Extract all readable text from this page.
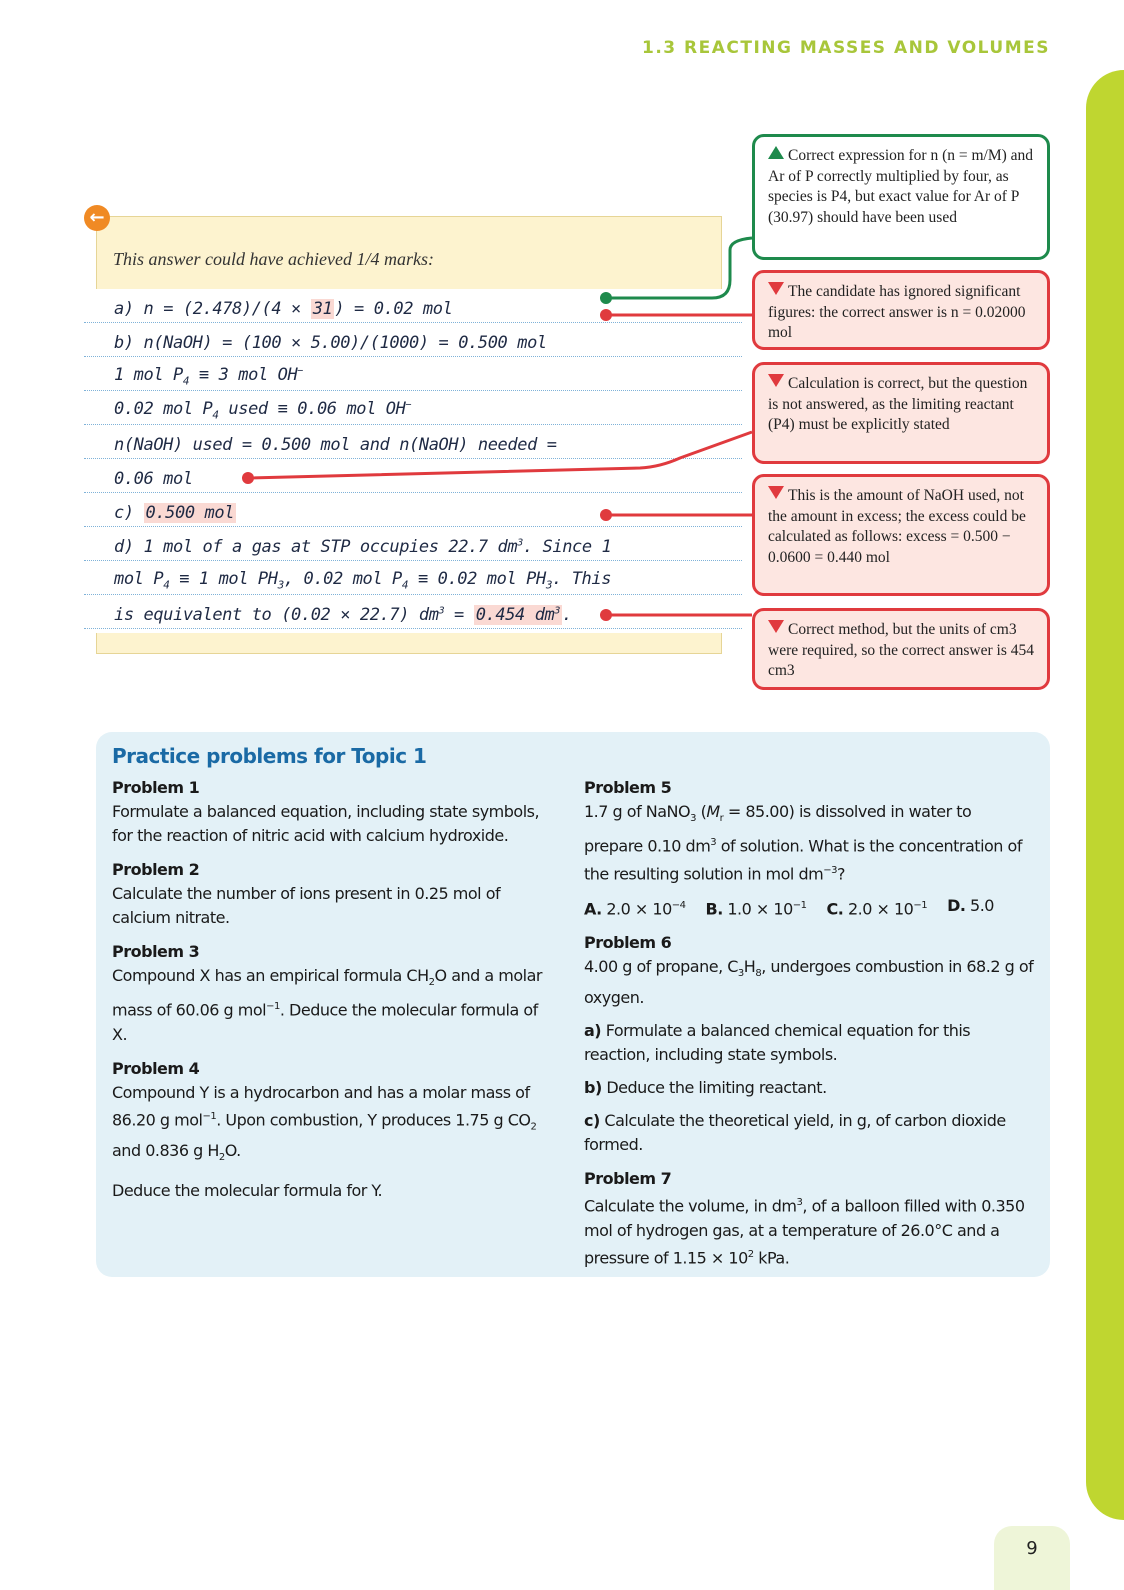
1.3 REACTING MASSES AND VOLUMES
This answer could have achieved 1/4 marks:
←
a) n = (2.478)/(4 × 31 ) = 0.02 mol
b) n(NaOH) = (100 × 5.00)/(1000) = 0.500 mol
1 mol $P_4 \equiv 3$ mol OH−
0.02 mol $P_4$ used ≡ 0.06 mol OH−
n(NaOH) used = 0.500 mol and n(NaOH) needed =
0.06 mol
c) 0.500 mol
d) 1 mol of a gas at STP occupies 22.7 $dm^3$. Since 1
mol $P_4 \equiv 1$ mol $PH_3$, 0.02 mol $P_4 \equiv 0.02$ mol $PH_3$. This
is equivalent to (0.02 × 22.7) $dm^3 = 0.454$ $dm^3$ .
Correct expression for n (n = m/M) and Ar of P correctly multiplied by four, as species is P4, but exact value for Ar of P (30.97) should have been used
The candidate has ignored significant figures: the correct answer is n = 0.02000 mol
Calculation is correct, but the question is not answered, as the limiting reactant (P4) must be explicitly stated
This is the amount of NaOH used, not the amount in excess; the excess could be calculated as follows: excess = 0.500 − 0.0600 = 0.440 mol
Correct method, but the units of cm3 were required, so the correct answer is 454 cm3
Practice problems for Topic 1
Problem 1
Formulate a balanced equation, including state symbols, for the reaction of nitric acid with calcium hydroxide.
Problem 2
Calculate the number of ions present in 0.25 mol of calcium nitrate.
Problem 3
Compound X has an empirical formula $CH_2O$ and a molar mass of 60.06 g mol$^{-1}$. Deduce the molecular formula of X.
Problem 4
Compound Y is a hydrocarbon and has a molar mass of 86.20 g mol$^{-1}$. Upon combustion, Y produces 1.75 g $CO_2$ and 0.836 g $H_2O$.
Deduce the molecular formula for Y.
Problem 5
1.7 g of NaNO$_3$ $(M_r = 85.00)$ is dissolved in water to prepare 0.10 $dm^3$ of solution. What is the concentration of the resulting solution in mol $dm^{-3}$?
A. $2.0 \times 10^{-4}$ B. $1.0 \times 10^{-1}$ C. $2.0 \times 10^{-1}$ D. 5.0
Problem 6
4.00 g of propane, $C_3H_8$, undergoes combustion in 68.2 g of oxygen.
a) Formulate a balanced chemical equation for this reaction, including state symbols.
b) Deduce the limiting reactant.
c) Calculate the theoretical yield, in g, of carbon dioxide formed.
Problem 7
Calculate the volume, in $dm^3$, of a balloon filled with 0.350 mol of hydrogen gas, at a temperature of 26.0°C and a pressure of $1.15 \times 10^2$ kPa.
9
